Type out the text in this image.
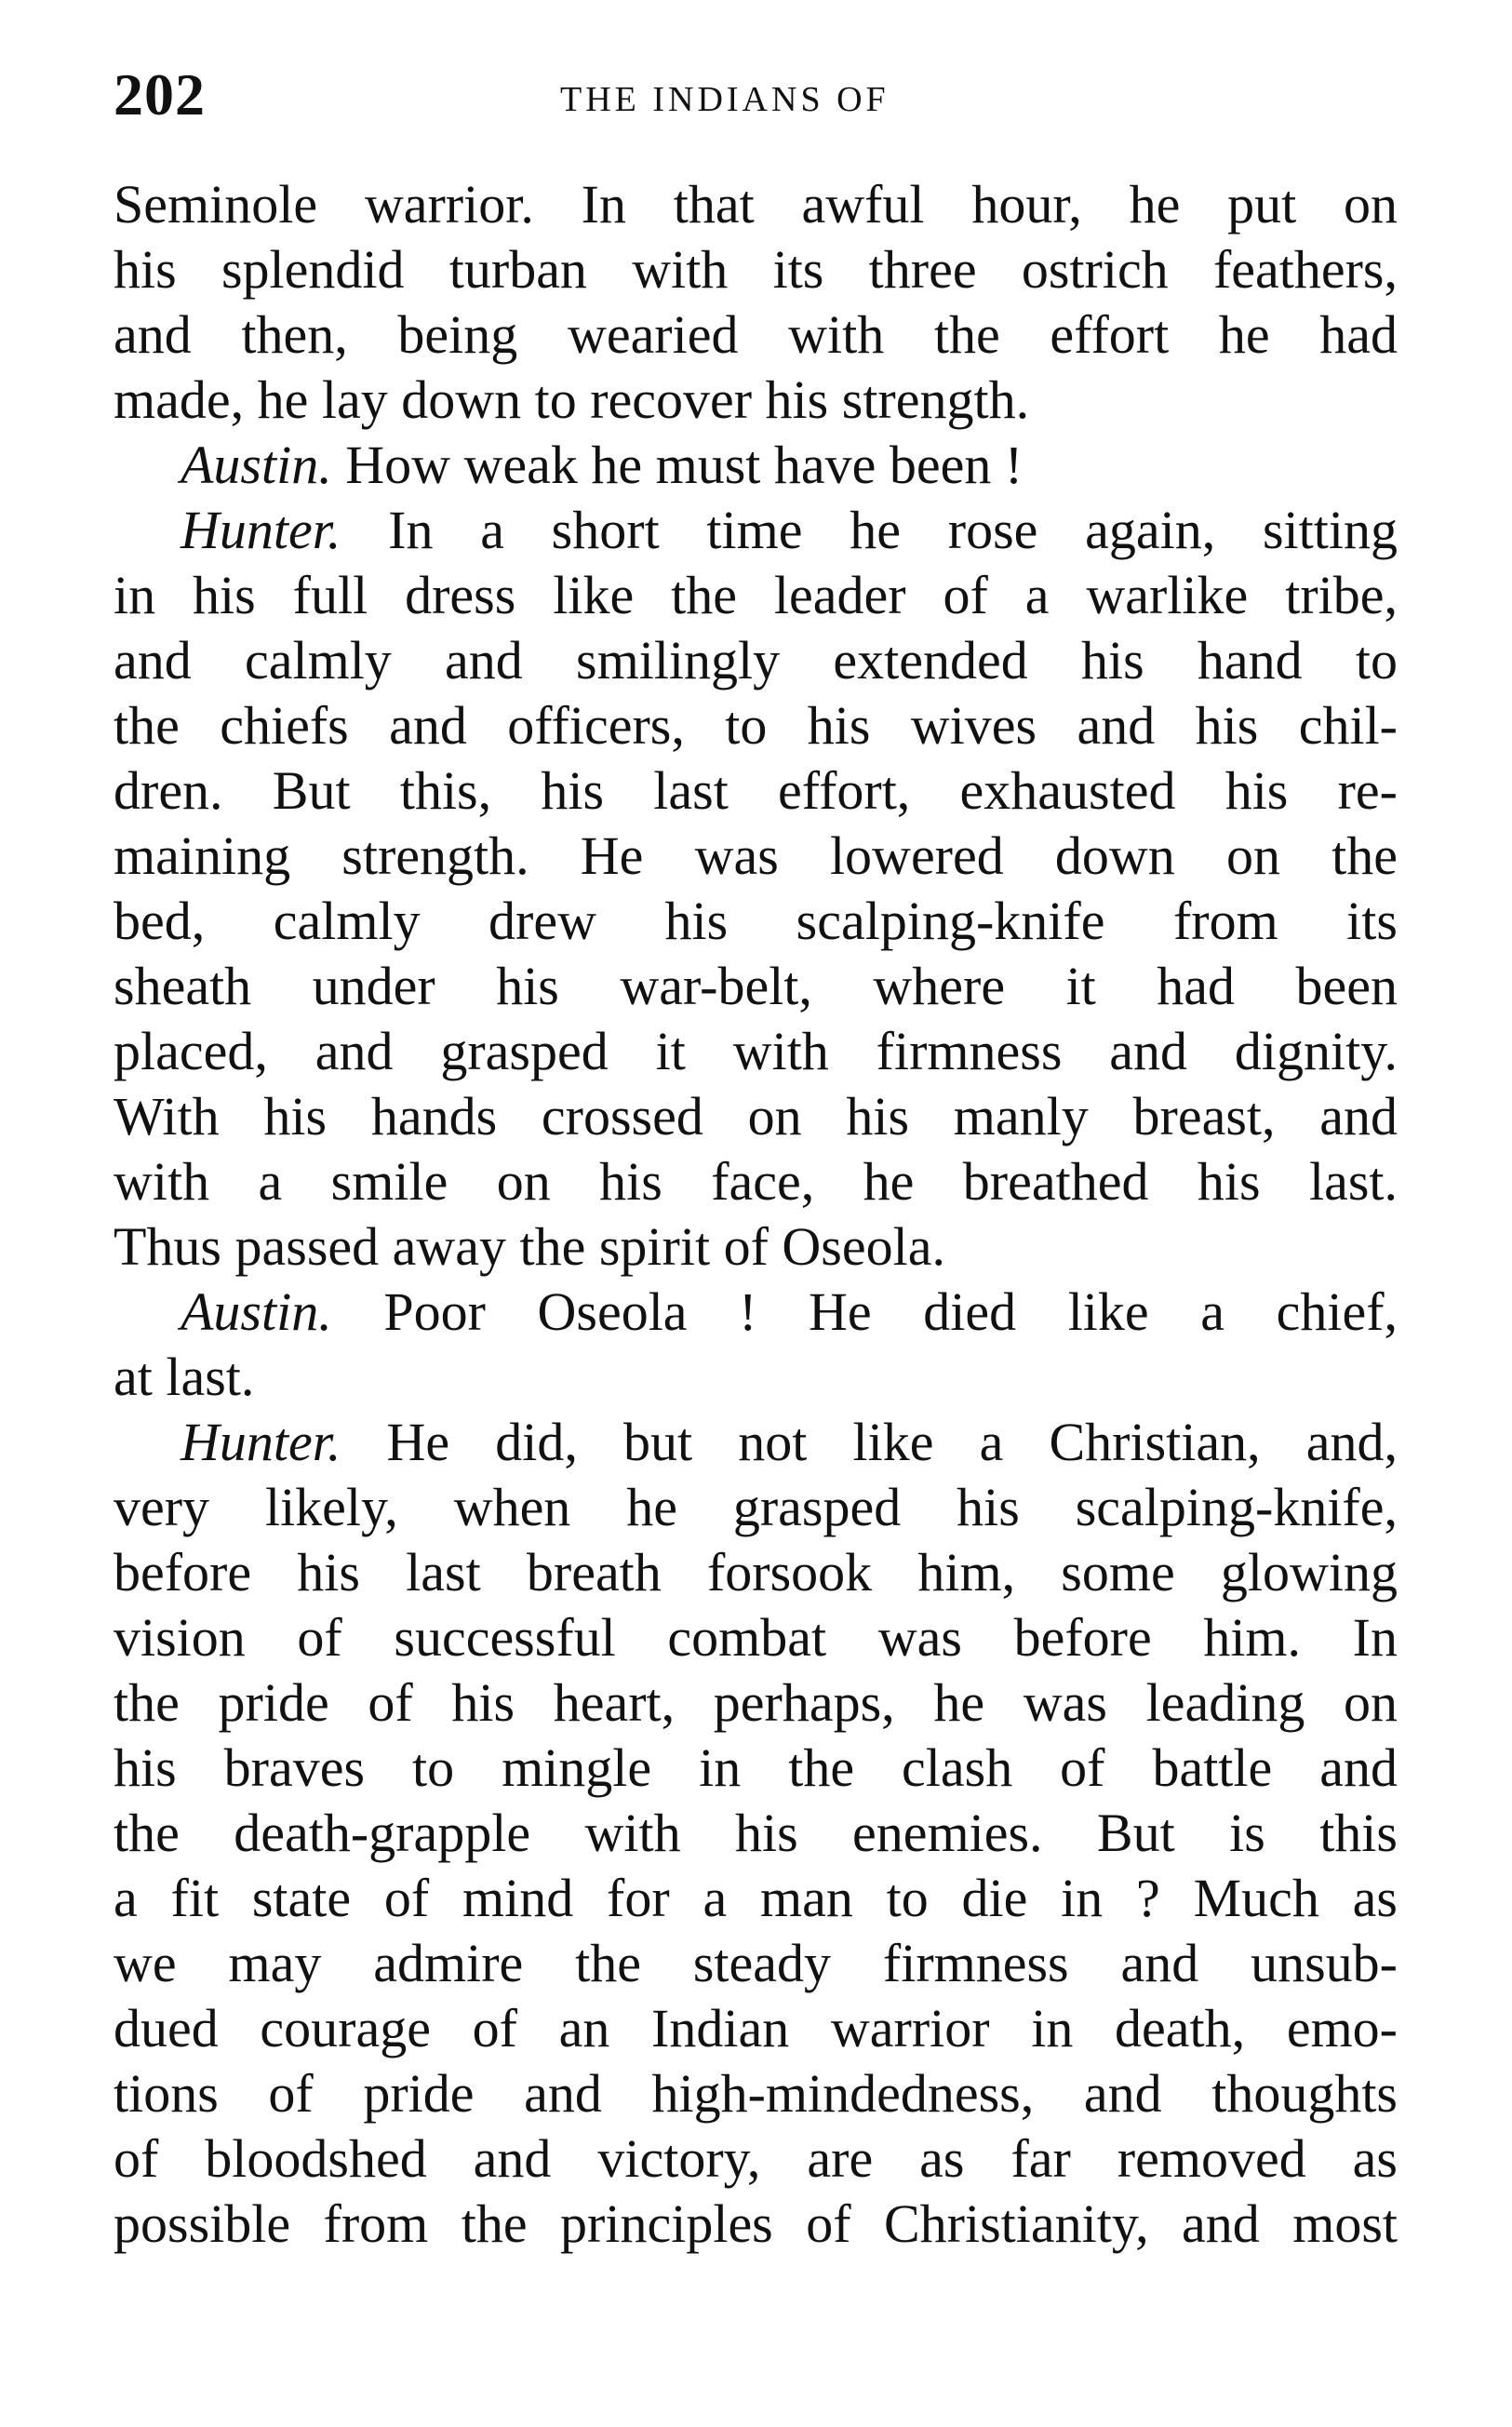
202	THE INDIANS OF
Seminole warrior. In that awful hour, he put on
his splendid turban with its three ostrich feathers,
and then, being wearied with the effort he had
made, he lay down to recover his strength.
Austin. How weak he must have been !
Hunter. In a short time he rose again, sitting
in his full dress like the leader of a warlike tribe,
and calmly and smilingly extended his hand to
the chiefs and officers, to his wives and his chil-
dren. But this, his last effort, exhausted his re-
maining strength. He was lowered down on the
bed, calmly drew his scalping-knife from its
sheath under his war-belt, where it had been
placed, and grasped it with firmness and dignity.
With his hands crossed on his manly breast, and
with a smile on his face, he breathed his last.
Thus passed away the spirit of Oseola.
Austin. Poor Oseola ! He died like a chief,
at last.
Hunter. He did, but not like a Christian, and,
very likely, when he grasped his scalping-knife,
before his last breath forsook him, some glowing
vision of successful combat was before him. In
the pride of his heart, perhaps, he was leading on
his braves to mingle in the clash of battle and
the death-grapple with his enemies. But is this
a fit state of mind for a man to die in ? Much as
we may admire the steady firmness and unsub-
dued courage of an Indian warrior in death, emo-
tions of pride and high-mindedness, and thoughts
of bloodshed and victory, are as far removed as
possible from the principles of Christianity, and most
